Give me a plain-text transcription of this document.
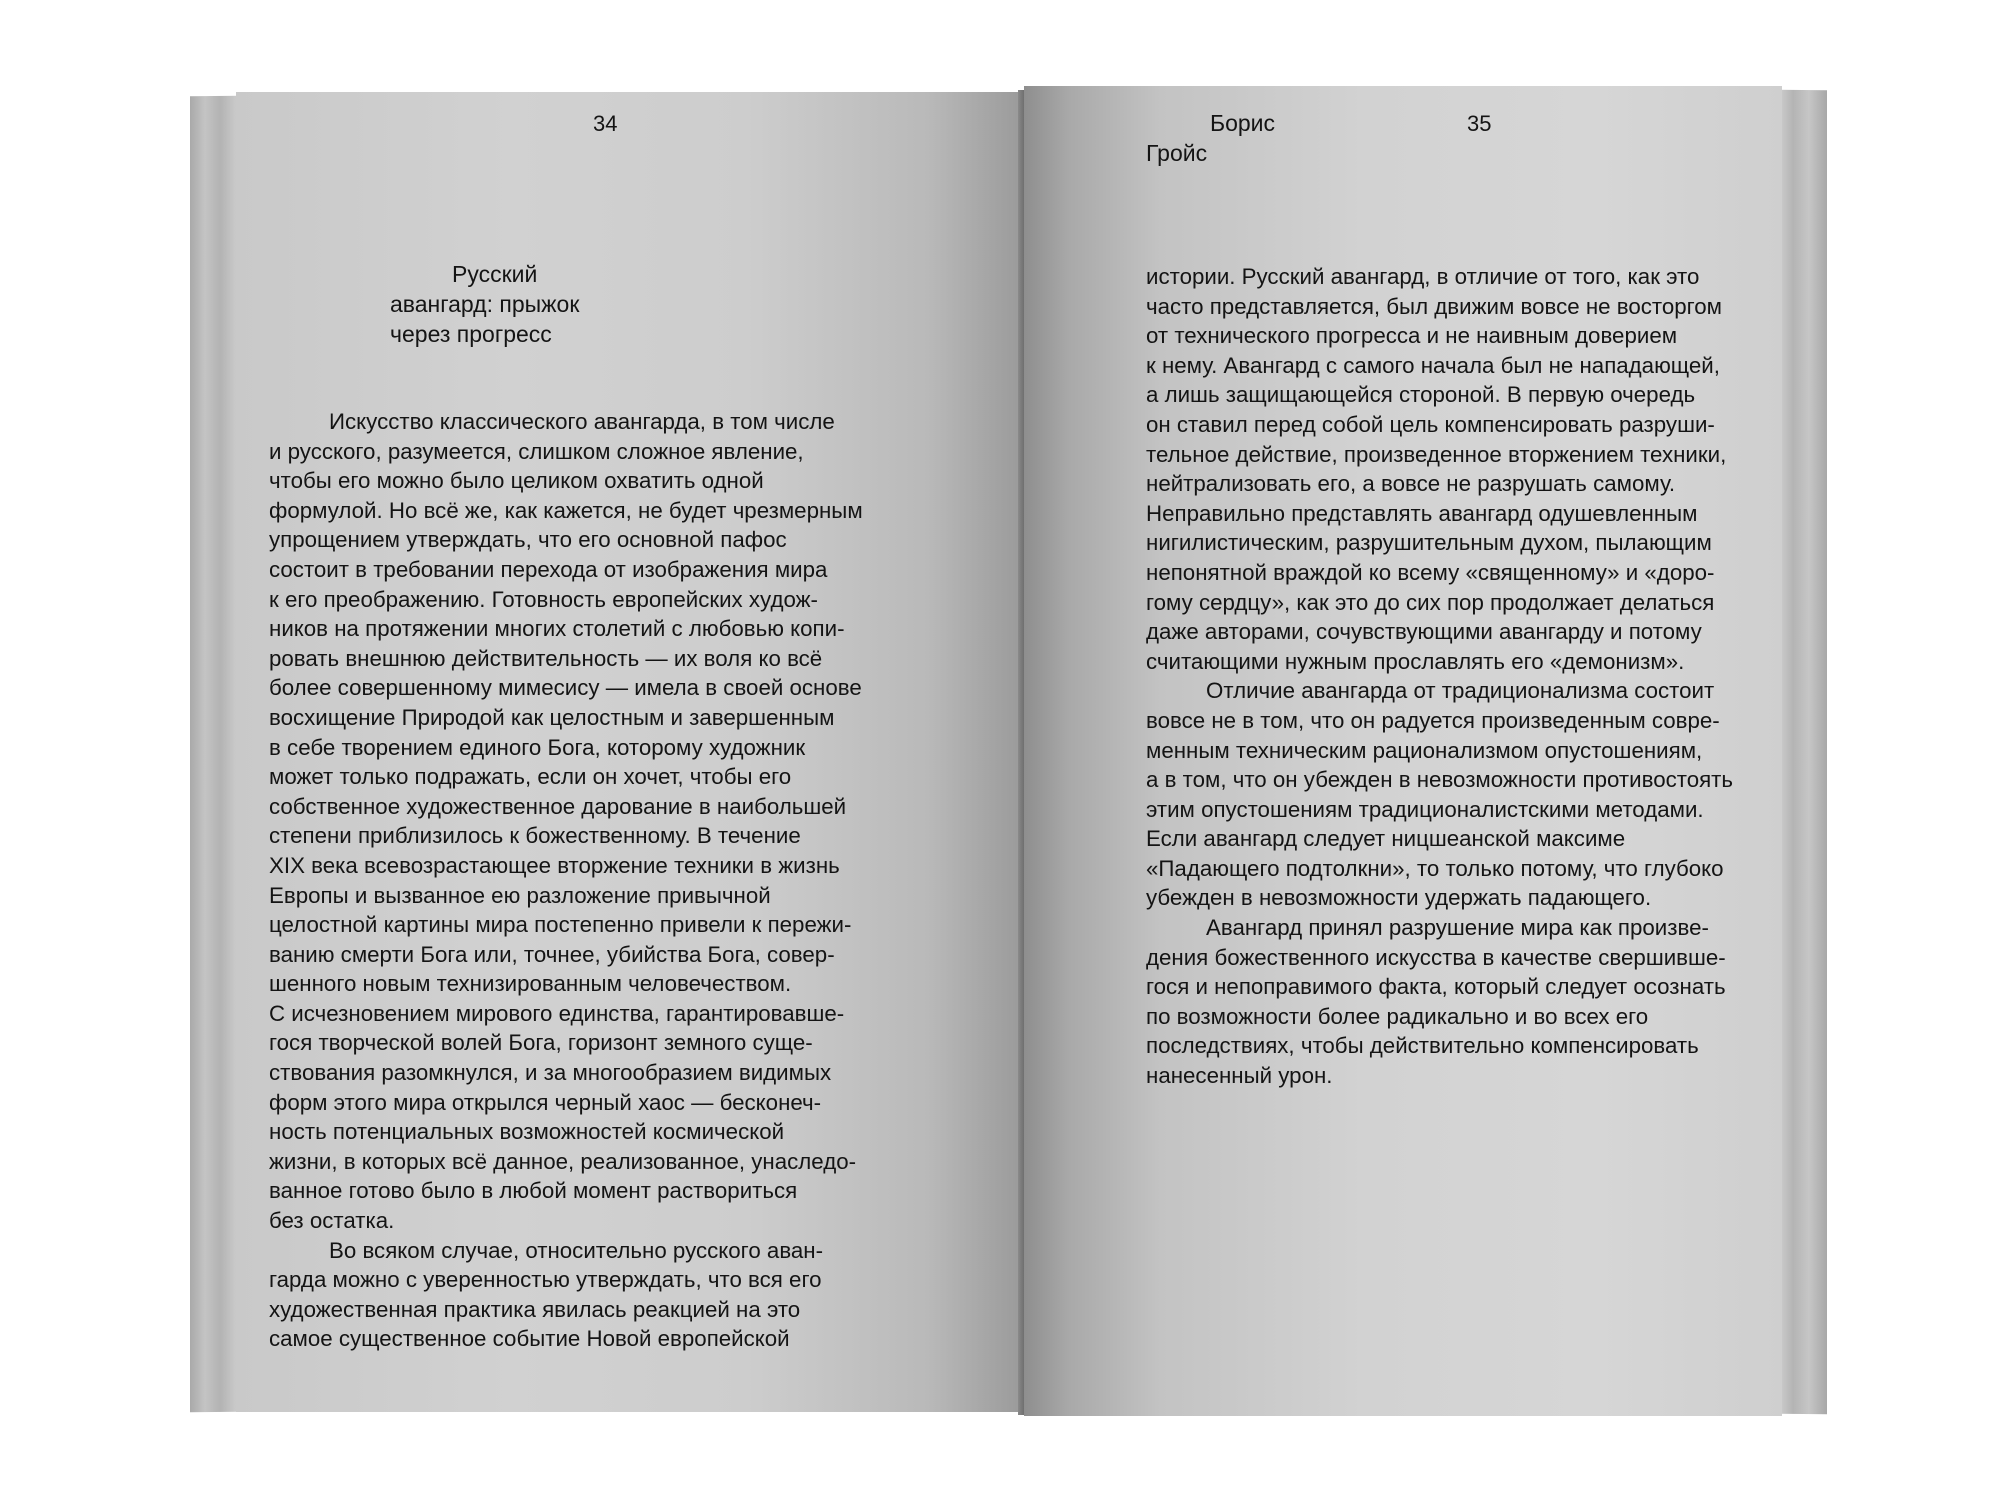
34
Русский
авангард: прыжок
через прогресс
Искусство классического авангарда, в том числе
и русского, разумеется, слишком сложное явление,
чтобы его можно было целиком охватить одной
формулой. Но всё же, как кажется, не будет чрезмерным
упрощением утверждать, что его основной пафос
состоит в требовании перехода от изображения мира
к его преображению. Готовность европейских худож-
ников на протяжении многих столетий с любовью копи-
ровать внешнюю действительность — их воля ко всё
более совершенному мимесису — имела в своей основе
восхищение Природой как целостным и завершенным
в себе творением единого Бога, которому художник
может только подражать, если он хочет, чтобы его
собственное художественное дарование в наибольшей
степени приблизилось к божественному. В течение
XIX века всевозрастающее вторжение техники в жизнь
Европы и вызванное ею разложение привычной
целостной картины мира постепенно привели к пережи-
ванию смерти Бога или, точнее, убийства Бога, совер-
шенного новым технизированным человечеством.
С исчезновением мирового единства, гарантировавше-
гося творческой волей Бога, горизонт земного суще-
ствования разомкнулся, и за многообразием видимых
форм этого мира открылся черный хаос — бесконеч-
ность потенциальных возможностей космической
жизни, в которых всё данное, реализованное, унаследо-
ванное готово было в любой момент раствориться
без остатка.
Во всяком случае, относительно русского аван-
гарда можно с уверенностью утверждать, что вся его
художественная практика явилась реакцией на это
самое существенное событие Новой европейской
Борис
Гройс
35
истории. Русский авангард, в отличие от того, как это
часто представляется, был движим вовсе не восторгом
от технического прогресса и не наивным доверием
к нему. Авангард с самого начала был не нападающей,
а лишь защищающейся стороной. В первую очередь
он ставил перед собой цель компенсировать разруши-
тельное действие, произведенное вторжением техники,
нейтрализовать его, а вовсе не разрушать самому.
Неправильно представлять авангард одушевленным
нигилистическим, разрушительным духом, пылающим
непонятной враждой ко всему «священному» и «доро-
гому сердцу», как это до сих пор продолжает делаться
даже авторами, сочувствующими авангарду и потому
считающими нужным прославлять его «демонизм».
Отличие авангарда от традиционализма состоит
вовсе не в том, что он радуется произведенным совре-
менным техническим рационализмом опустошениям,
а в том, что он убежден в невозможности противостоять
этим опустошениям традиционалистскими методами.
Если авангард следует ницшеанской максиме
«Падающего подтолкни», то только потому, что глубоко
убежден в невозможности удержать падающего.
Авангард принял разрушение мира как произве-
дения божественного искусства в качестве свершивше-
гося и непоправимого факта, который следует осознать
по возможности более радикально и во всех его
последствиях, чтобы действительно компенсировать
нанесенный урон.
